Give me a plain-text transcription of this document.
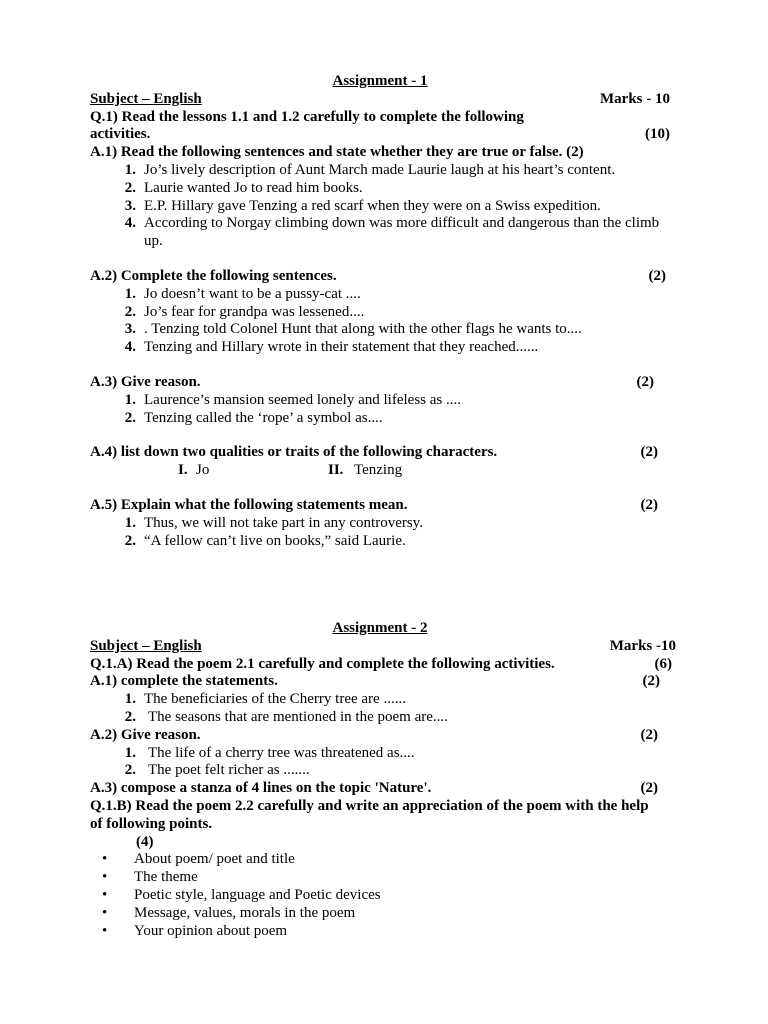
Assignment - 1
Subject – English	Marks - 10
Q.1) Read the lessons 1.1 and 1.2 carefully to complete the following
activities.	(10)
A.1) Read the following sentences and state whether they are true or false. (2)
1. Jo’s lively description of Aunt March made Laurie laugh at his heart’s content.
2. Laurie wanted Jo to read him books.
3. E.P. Hillary gave Tenzing a red scarf when they were on a Swiss expedition.
4. According to Norgay climbing down was more difficult and dangerous than the climb up.
A.2) Complete the following sentences.	(2)
1. Jo doesn’t want to be a pussy-cat ....
2. Jo’s fear for grandpa was lessened....
3. . Tenzing told Colonel Hunt that along with the other flags he wants to....
4. Tenzing and Hillary wrote in their statement that they reached......
A.3) Give reason.	(2)
1. Laurence’s mansion seemed lonely and lifeless as ....
2. Tenzing called the ‘rope’ a symbol as....
A.4) list down two qualities or traits of the following characters.	(2)
I. Jo	II. Tenzing
A.5) Explain what the following statements mean.	(2)
1. Thus, we will not take part in any controversy.
2. “A fellow can’t live on books,” said Laurie.
Assignment - 2
Subject – English	Marks -10
Q.1.A) Read the poem 2.1 carefully and complete the following activities.	(6)
A.1) complete the statements.	(2)
1. The beneficiaries of the Cherry tree are ......
2. The seasons that are mentioned in the poem are....
A.2) Give reason.	(2)
1. The life of a cherry tree was threatened as....
2. The poet felt richer as .......
A.3) compose a stanza of 4 lines on the topic 'Nature'.	(2)
Q.1.B) Read the poem 2.2 carefully and write an appreciation of the poem with the help of following points.
(4)
•	About poem/ poet and title
•	The theme
•	Poetic style, language and Poetic devices
•	Message, values, morals in the poem
•	Your opinion about poem
